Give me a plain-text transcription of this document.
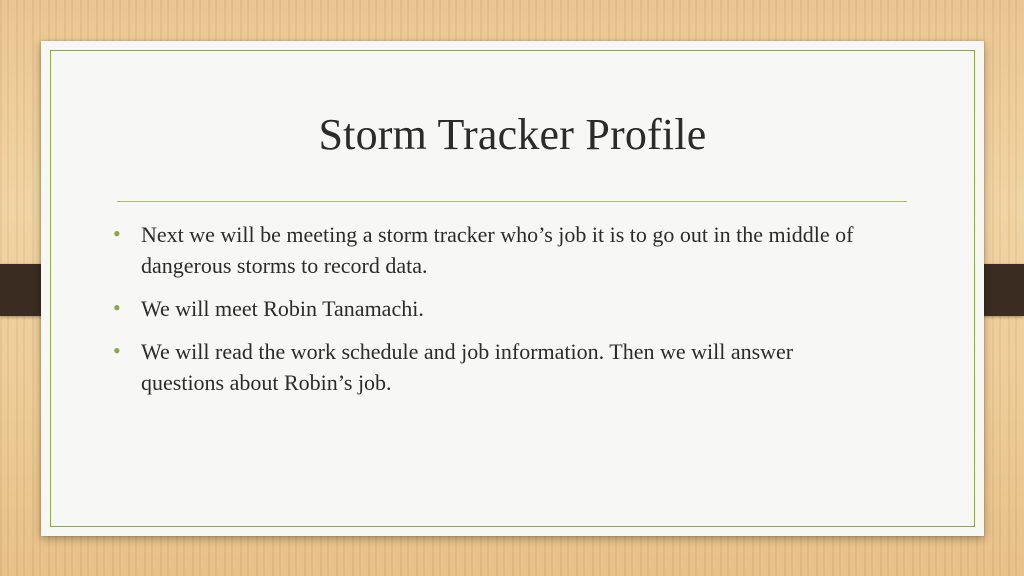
Storm Tracker Profile
• Next we will be meeting a storm tracker who’s job it is to go out in the middle of dangerous storms to record data.
• We will meet Robin Tanamachi.
• We will read the work schedule and job information. Then we will answer questions about Robin’s job.
